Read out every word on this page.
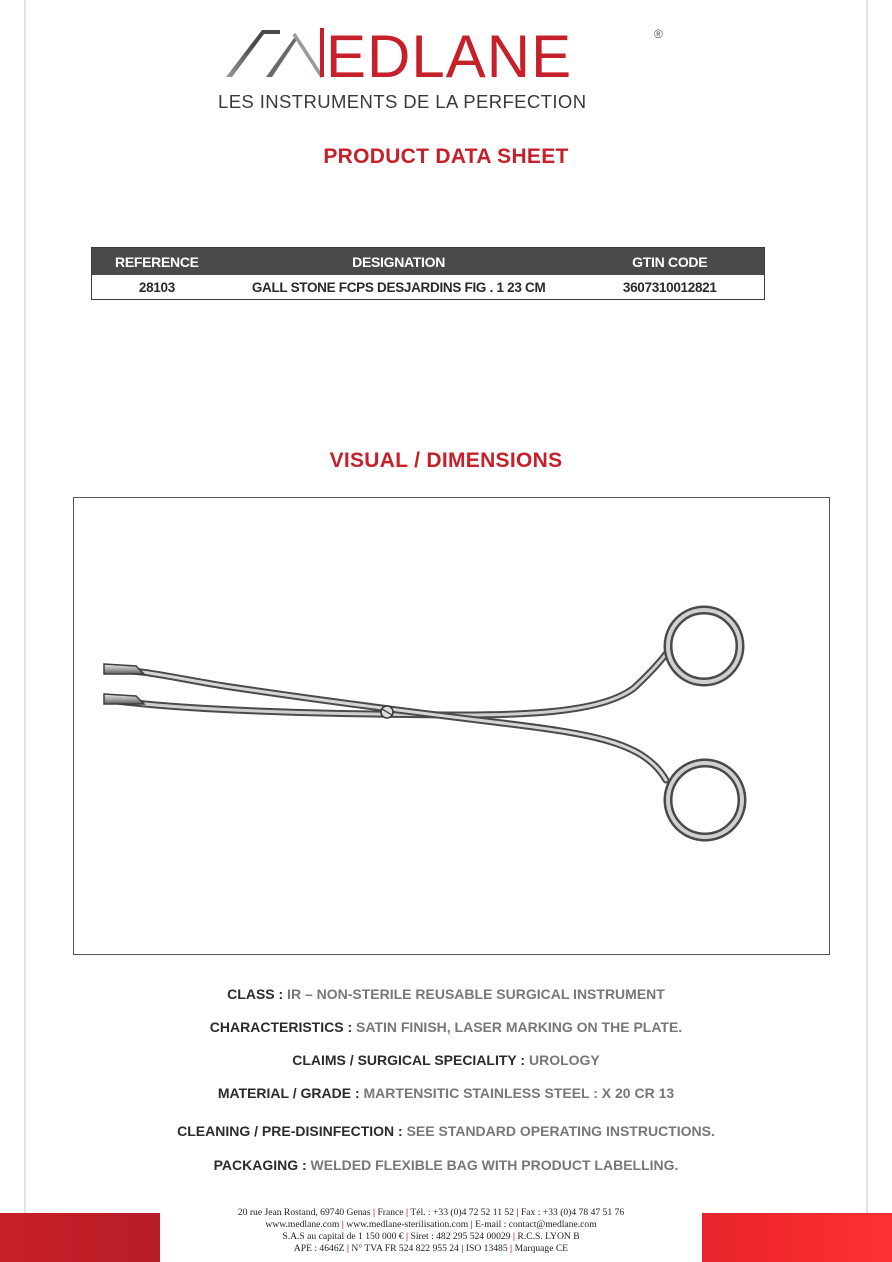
EDLANE	®
LES INSTRUMENTS DE LA PERFECTION
PRODUCT DATA SHEET
REFERENCE	DESIGNATION	GTIN CODE
28103	GALL STONE FCPS DESJARDINS FIG . 1 23 CM	3607310012821
VISUAL / DIMENSIONS
CLASS : IR – NON-STERILE REUSABLE SURGICAL INSTRUMENT
CHARACTERISTICS : SATIN FINISH, LASER MARKING ON THE PLATE.
CLAIMS / SURGICAL SPECIALITY : UROLOGY
MATERIAL / GRADE : MARTENSITIC STAINLESS STEEL : X 20 CR 13
CLEANING / PRE-DISINFECTION : SEE STANDARD OPERATING INSTRUCTIONS.
PACKAGING : WELDED FLEXIBLE BAG WITH PRODUCT LABELLING.
20 rue Jean Rostand, 69740 Genas | France | Tél. : +33 (0)4 72 52 11 52 | Fax : +33 (0)4 78 47 51 76
www.medlane.com | www.medlane-sterilisation.com | E-mail : contact@medlane.com
S.A.S au capital de 1 150 000 € | Siret : 482 295 524 00029 | R.C.S. LYON B
APE : 4646Z | N° TVA FR 524 822 955 24 | ISO 13485 | Marquage CE
